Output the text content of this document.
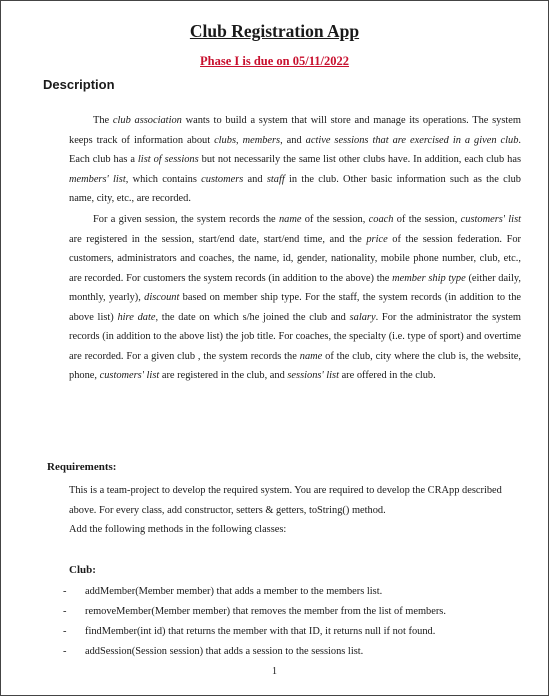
Club Registration App
Phase I is due on 05/11/2022
Description
The club association wants to build a system that will store and manage its operations. The system keeps track of information about clubs, members, and active sessions that are exercised in a given club. Each club has a list of sessions but not necessarily the same list other clubs have. In addition, each club has members' list, which contains customers and staff in the club. Other basic information such as the club name, city, etc., are recorded.
For a given session, the system records the name of the session, coach of the session, customers' list are registered in the session, start/end date, start/end time, and the price of the session federation. For customers, administrators and coaches, the name, id, gender, nationality, mobile phone number, club, etc., are recorded. For customers the system records (in addition to the above) the member ship type (either daily, monthly, yearly), discount based on member ship type. For the staff, the system records (in addition to the above list) hire date, the date on which s/he joined the club and salary. For the administrator the system records (in addition to the above list) the job title. For coaches, the specialty (i.e. type of sport) and overtime are recorded. For a given club , the system records the name of the club, city where the club is, the website, phone, customers' list are registered in the club, and sessions' list are offered in the club.
Requirements:
This is a team-project to develop the required system. You are required to develop the CRApp described above. For every class, add constructor, setters & getters, toString() method.
Add the following methods in the following classes:
Club:
-	addMember(Member member) that adds a member to the members list.
-	removeMember(Member member) that removes the member from the list of members.
-	findMember(int id) that returns the member with that ID, it returns null if not found.
-	addSession(Session session) that adds a session to the sessions list.
1
